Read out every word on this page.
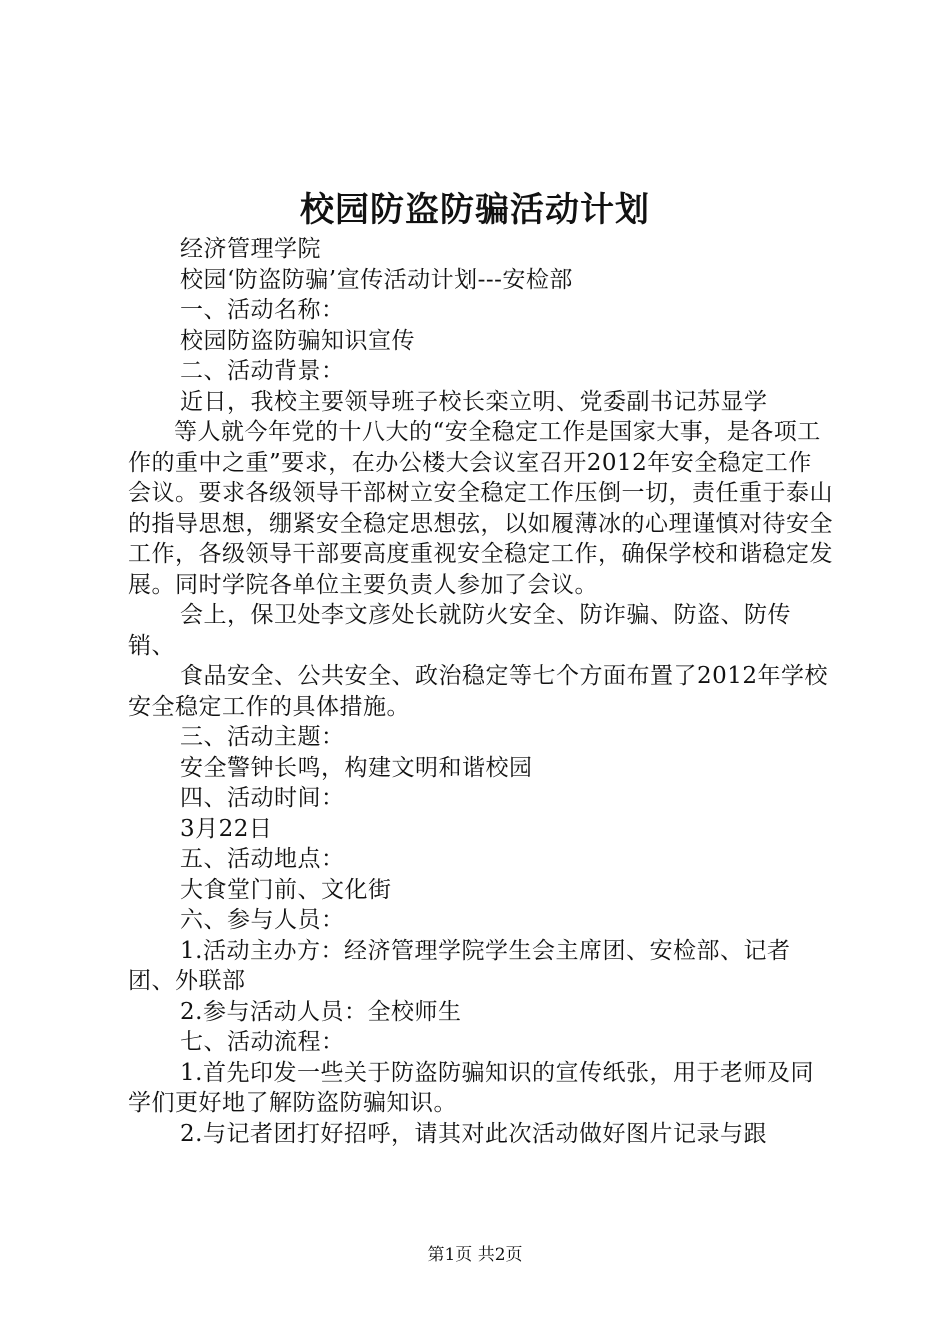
校园防盗防骗活动计划

经济管理学院

校园‘防盗防骗’宣传活动计划---安检部

一、活动名称：

校园防盗防骗知识宣传

二、活动背景：

近日，我校主要领导班子校长栾立明、党委副书记苏显学

等人就今年党的十八大的“安全稳定工作是国家大事，是各项工作的重中之重”要求，在办公楼大会议室召开2012年安全稳定工作会议。要求各级领导干部树立安全稳定工作压倒一切，责任重于泰山的指导思想，绷紧安全稳定思想弦，以如履薄冰的心理谨慎对待安全工作，各级领导干部要高度重视安全稳定工作，确保学校和谐稳定发展。同时学院各单位主要负责人参加了会议。

会上，保卫处李文彦处长就防火安全、防诈骗、防盗、防传销、

食品安全、公共安全、政治稳定等七个方面布置了2012年学校安全稳定工作的具体措施。

三、活动主题：

安全警钟长鸣，构建文明和谐校园

四、活动时间：

3月22日

五、活动地点：

大食堂门前、文化街

六、参与人员：

1.活动主办方：经济管理学院学生会主席团、安检部、记者团、外联部

2.参与活动人员：全校师生

七、活动流程：

1.首先印发一些关于防盗防骗知识的宣传纸张，用于老师及同学们更好地了解防盗防骗知识。

2.与记者团打好招呼，请其对此次活动做好图片记录与跟

第1页 共2页
